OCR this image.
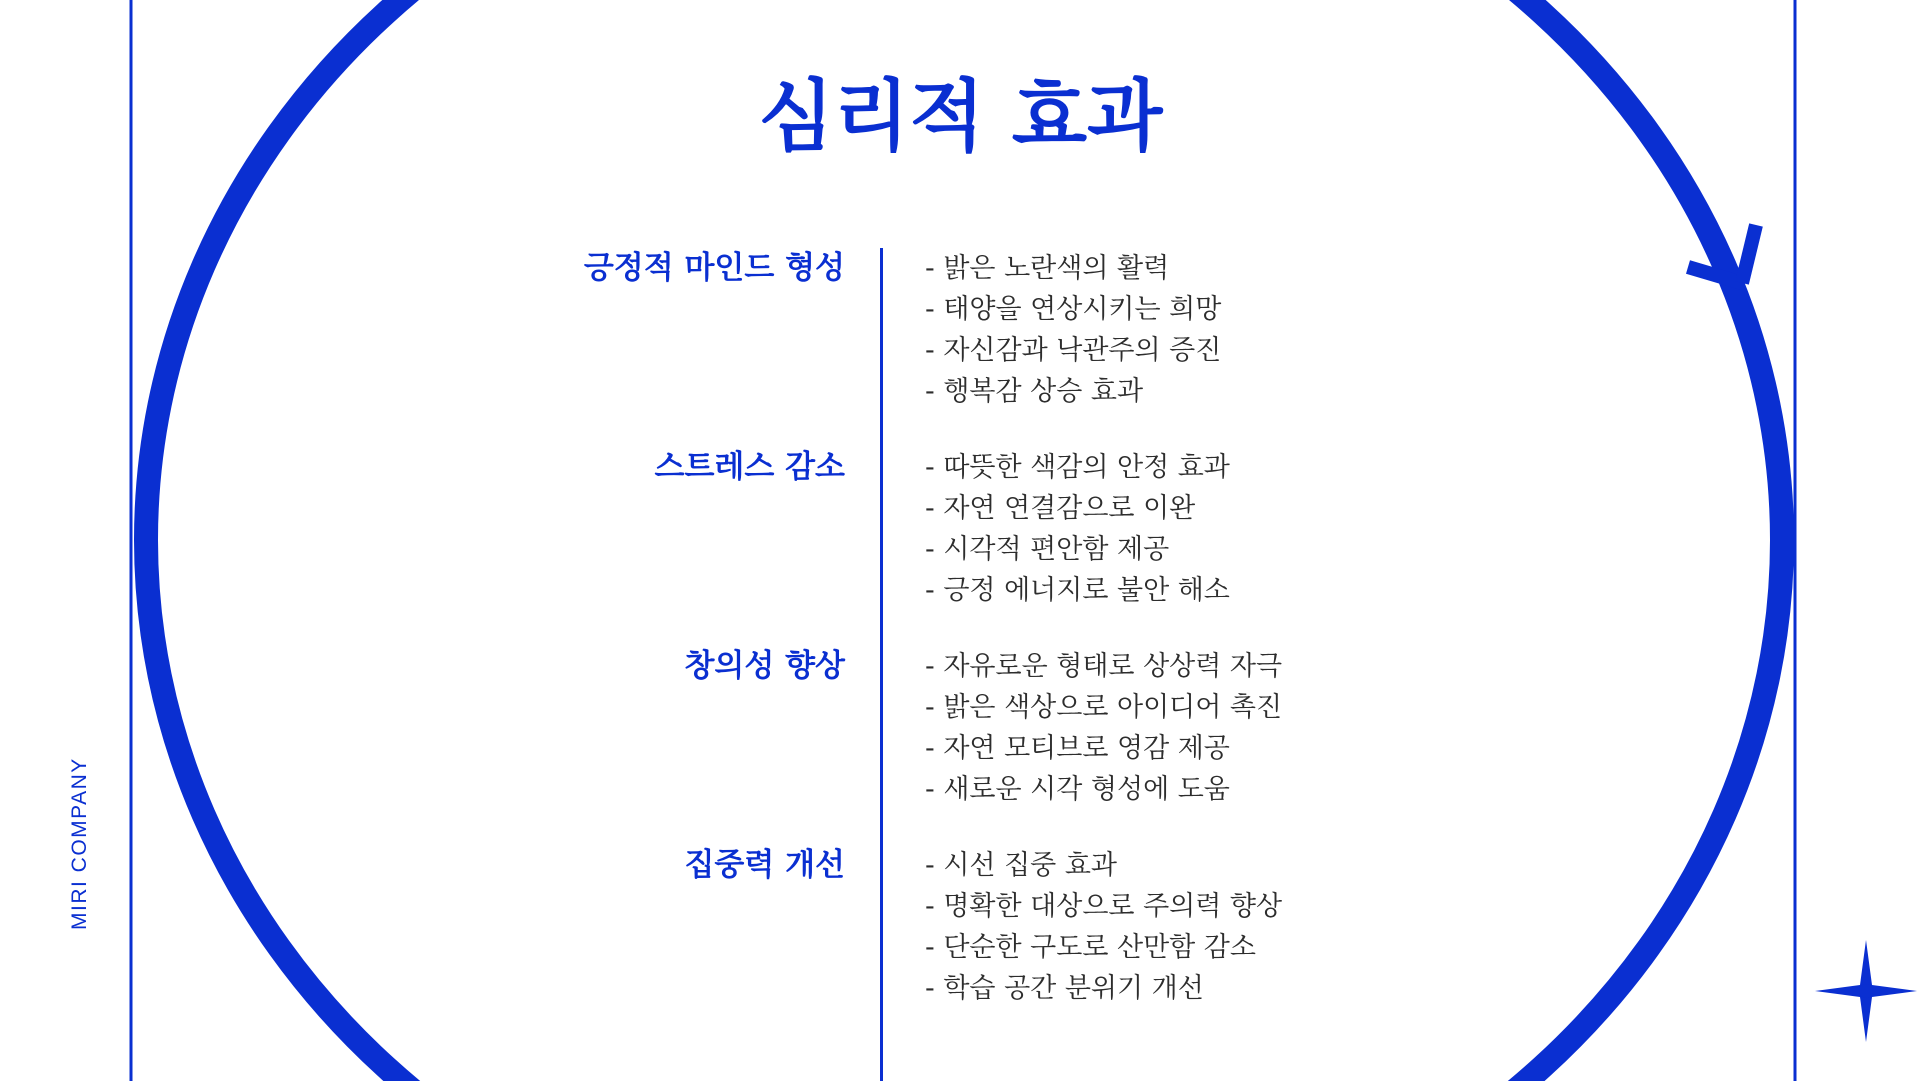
MIRI COMPANY
심리적 효과
긍정적 마인드 형성	- 밝은 노란색의 활력
- 태양을 연상시키는 희망
- 자신감과 낙관주의 증진
- 행복감 상승 효과
스트레스 감소	- 따뜻한 색감의 안정 효과
- 자연 연결감으로 이완
- 시각적 편안함 제공
- 긍정 에너지로 불안 해소
창의성 향상	- 자유로운 형태로 상상력 자극
- 밝은 색상으로 아이디어 촉진
- 자연 모티브로 영감 제공
- 새로운 시각 형성에 도움
집중력 개선	- 시선 집중 효과
- 명확한 대상으로 주의력 향상
- 단순한 구도로 산만함 감소
- 학습 공간 분위기 개선
